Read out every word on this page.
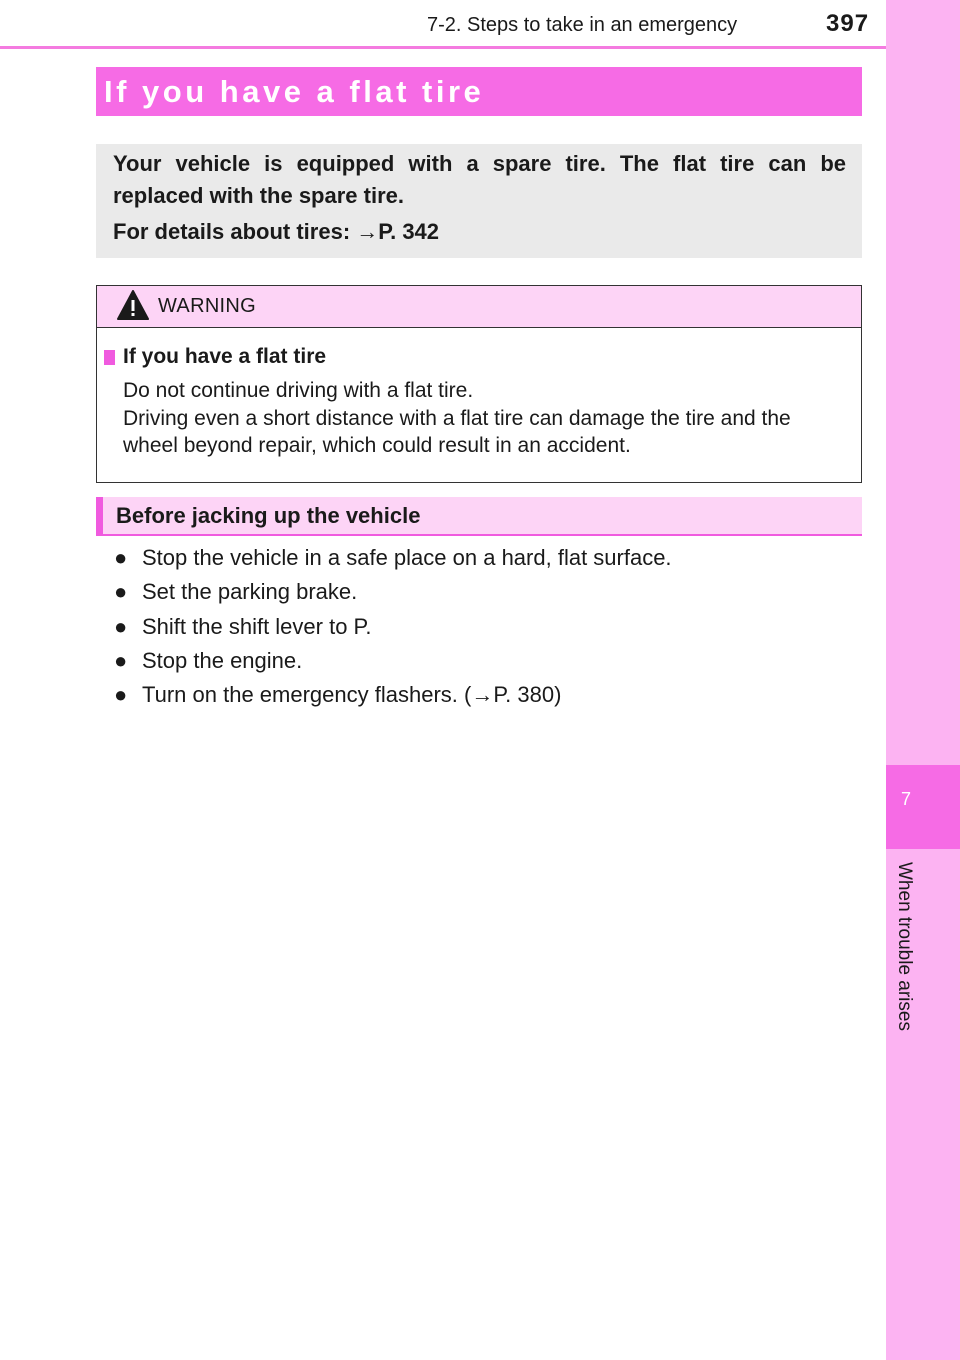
7-2. Steps to take in an emergency	397
7
When trouble arises
If you have a flat tire
Your vehicle is equipped with a spare tire. The flat tire can be replaced with the spare tire.
For details about tires: →P. 342
WARNING
If you have a flat tire
Do not continue driving with a flat tire.
Driving even a short distance with a flat tire can damage the tire and the
wheel beyond repair, which could result in an accident.
Before jacking up the vehicle
● Stop the vehicle in a safe place on a hard, flat surface.
● Set the parking brake.
● Shift the shift lever to P.
● Stop the engine.
● Turn on the emergency flashers. (→P. 380)
